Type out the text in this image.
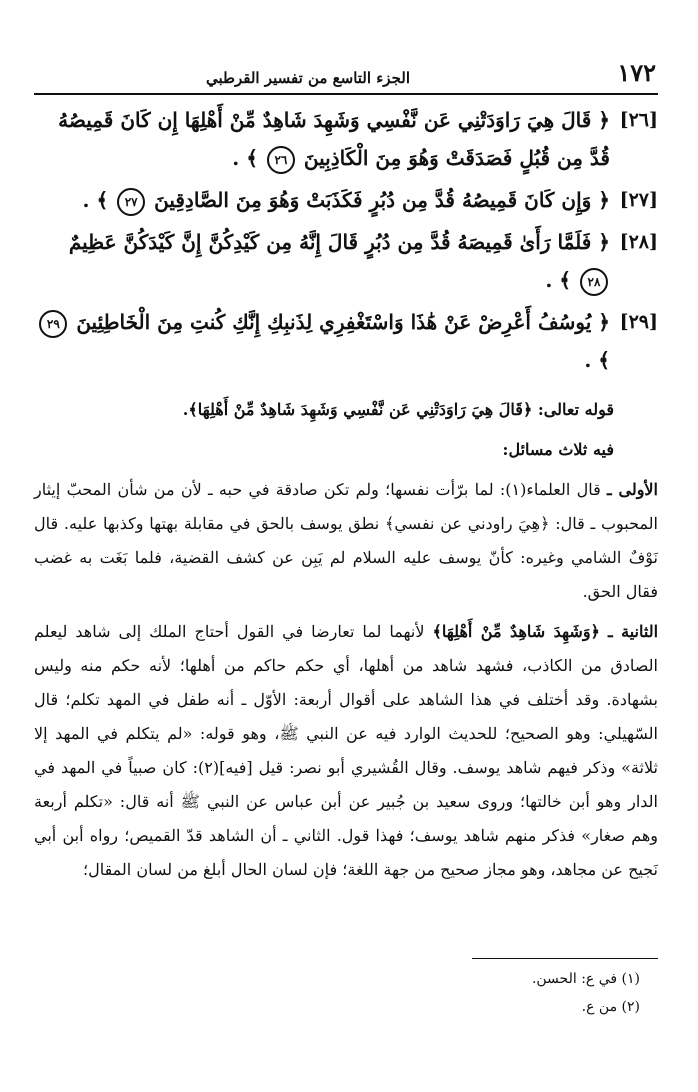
١٧٢
الجزء التاسع من تفسير القرطبي
[٢٦]
﴿ قَالَ هِيَ رَاوَدَتْنِي عَن نَّفْسِي وَشَهِدَ شَاهِدٌ مِّنْ أَهْلِهَا إِن كَانَ قَمِيصُهُ قُدَّ مِن قُبُلٍ فَصَدَقَتْ وَهُوَ مِنَ الْكَاذِبِينَ ٢٦ ﴾ .
[٢٧]
﴿ وَإِن كَانَ قَمِيصُهُ قُدَّ مِن دُبُرٍ فَكَذَبَتْ وَهُوَ مِنَ الصَّادِقِينَ ٢٧ ﴾ .
[٢٨]
﴿ فَلَمَّا رَأَىٰ قَمِيصَهُ قُدَّ مِن دُبُرٍ قَالَ إِنَّهُ مِن كَيْدِكُنَّ إِنَّ كَيْدَكُنَّ عَظِيمٌ ٢٨ ﴾ .
[٢٩]
﴿ يُوسُفُ أَعْرِضْ عَنْ هَٰذَا وَاسْتَغْفِرِي لِذَنبِكِ إِنَّكِ كُنتِ مِنَ الْخَاطِئِينَ ٢٩ ﴾ .

قوله تعالى: ﴿قَالَ هِيَ رَاوَدَتْنِي عَن نَّفْسِي وَشَهِدَ شَاهِدٌ مِّنْ أَهْلِهَا﴾.

فيه ثلاث مسائل:

الأولى ـ قال العلماء(١): لما برّأت نفسها؛ ولم تكن صادقة في حبه ـ لأن من شأن المحبّ إيثار المحبوب ـ قال: ﴿هِيَ راودني عن نفسي﴾ نطق يوسف بالحق في مقابلة بهتها وكذبها عليه. قال نَوْفٌ الشامي وغيره: كأنّ يوسف عليه السلام لم يَبِن عن كشف القضية، فلما بَغَت به غضب فقال الحق.

الثانية ـ ﴿وَشَهِدَ شَاهِدٌ مِّنْ أَهْلِهَا﴾ لأنهما لما تعارضا في القول أحتاج الملك إلى شاهد ليعلم الصادق من الكاذب، فشهد شاهد من أهلها، أي حكم حاكم من أهلها؛ لأنه حكم منه وليس بشهادة. وقد أختلف في هذا الشاهد على أقوال أربعة: الأوّل ـ أنه طفل في المهد تكلم؛ قال السّهيلي: وهو الصحيح؛ للحديث الوارد فيه عن النبي ﷺ، وهو قوله: «لم يتكلم في المهد إلا ثلاثة» وذكر فيهم شاهد يوسف. وقال القُشيري أبو نصر: قيل [فيه](٢): كان صبياً في المهد في الدار وهو أبن خالتها؛ وروى سعيد بن جُبير عن أبن عباس عن النبي ﷺ أنه قال: «تكلم أربعة وهم صغار» فذكر منهم شاهد يوسف؛ فهذا قول. الثاني ـ أن الشاهد قدّ القميص؛ رواه أبن أبي نَجيح عن مجاهد، وهو مجاز صحيح من جهة اللغة؛ فإن لسان الحال أبلغ من لسان المقال؛

(١) في ع: الحسن.
(٢) من ع.
